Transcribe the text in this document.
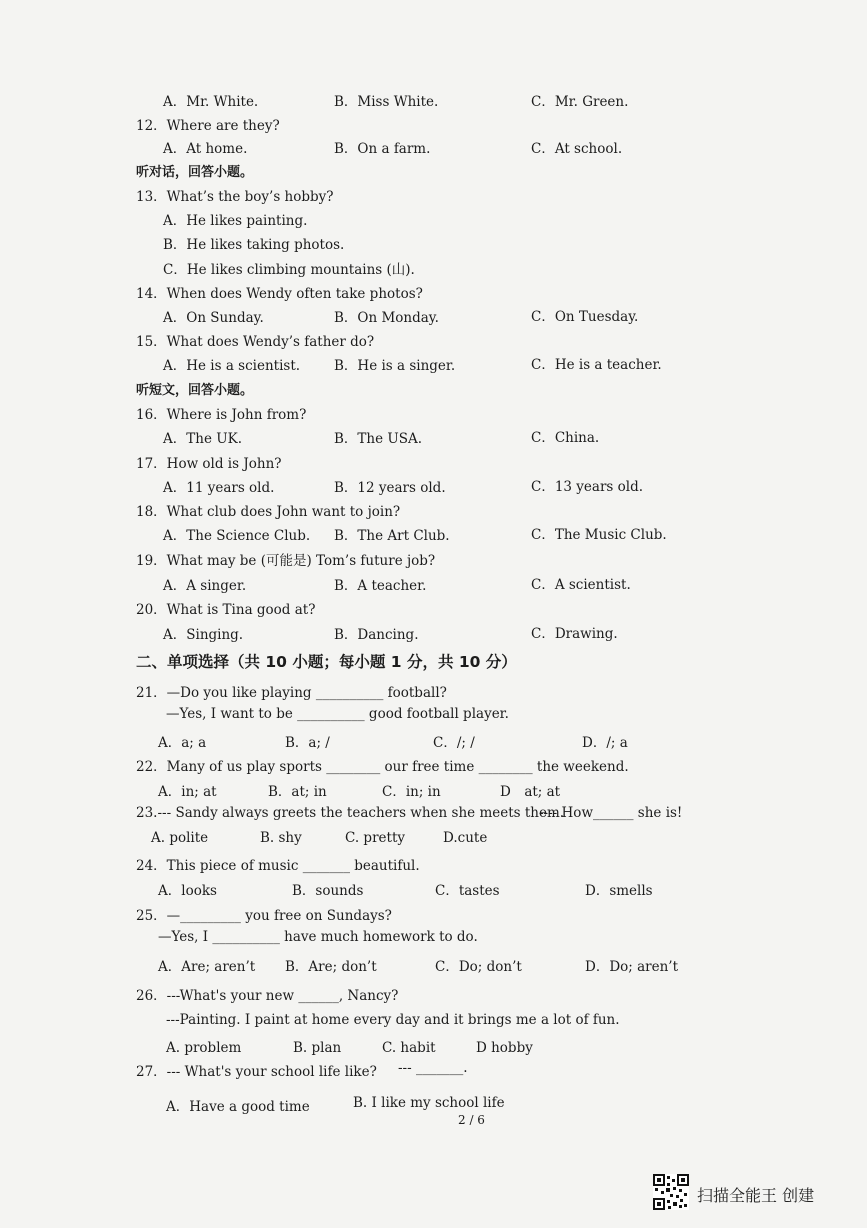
A．Mr. White.	B．Miss White.	C．Mr. Green.
12．Where are they?
A．At home.	B．On a farm.	C．At school.
听对话，回答小题。
13．What’s the boy’s hobby?
A．He likes painting.
B．He likes taking photos.
C．He likes climbing mountains (山).
14．When does Wendy often take photos?
A．On Sunday.	B．On Monday.	C．On Tuesday.
15．What does Wendy’s father do?
A．He is a scientist.	B．He is a singer.	C．He is a teacher.
听短文，回答小题。
16．Where is John from?
A．The UK.	B．The USA.	C．China.
17．How old is John?
A．11 years old.	B．12 years old.	C．13 years old.
18．What club does John want to join?
A．The Science Club. B．The Art Club.	C．The Music Club.
19．What may be (可能是) Tom’s future job?
A．A singer.	B．A teacher.	C．A scientist.
20．What is Tina good at?
A．Singing.	B．Dancing.	C．Drawing.
二、单项选择（共 10 小题；每小题 1 分，共 10 分）
21．—Do you like playing __________ football?
—Yes, I want to be __________ good football player.
A．a; a	B．a; /	C．/; /	D．/; a
22．Many of us play sports ________ our free time ________ the weekend.
A．in; at	B．at; in	C．in; in	D　at; at
23.--- Sandy always greets the teachers when she meets them.
---- How______ she is!
A. polite	B. shy	C. pretty	D.cute
24．This piece of music _______ beautiful.
A．looks	B．sounds	C．tastes	D．smells
25．—_________ you free on Sundays?
—Yes, I __________ have much homework to do.
A．Are; aren’t B．Are; don’t	C．Do; don’t	D．Do; aren’t
26．---What's your new ______, Nancy?
---Painting. I paint at home every day and it brings me a lot of fun.
A. problem	B. plan	C. habit	D hobby
27．--- What's your school life like? --- _______.
A．Have a good time	B. I like my school life
2 / 6
扫描全能王 创建
